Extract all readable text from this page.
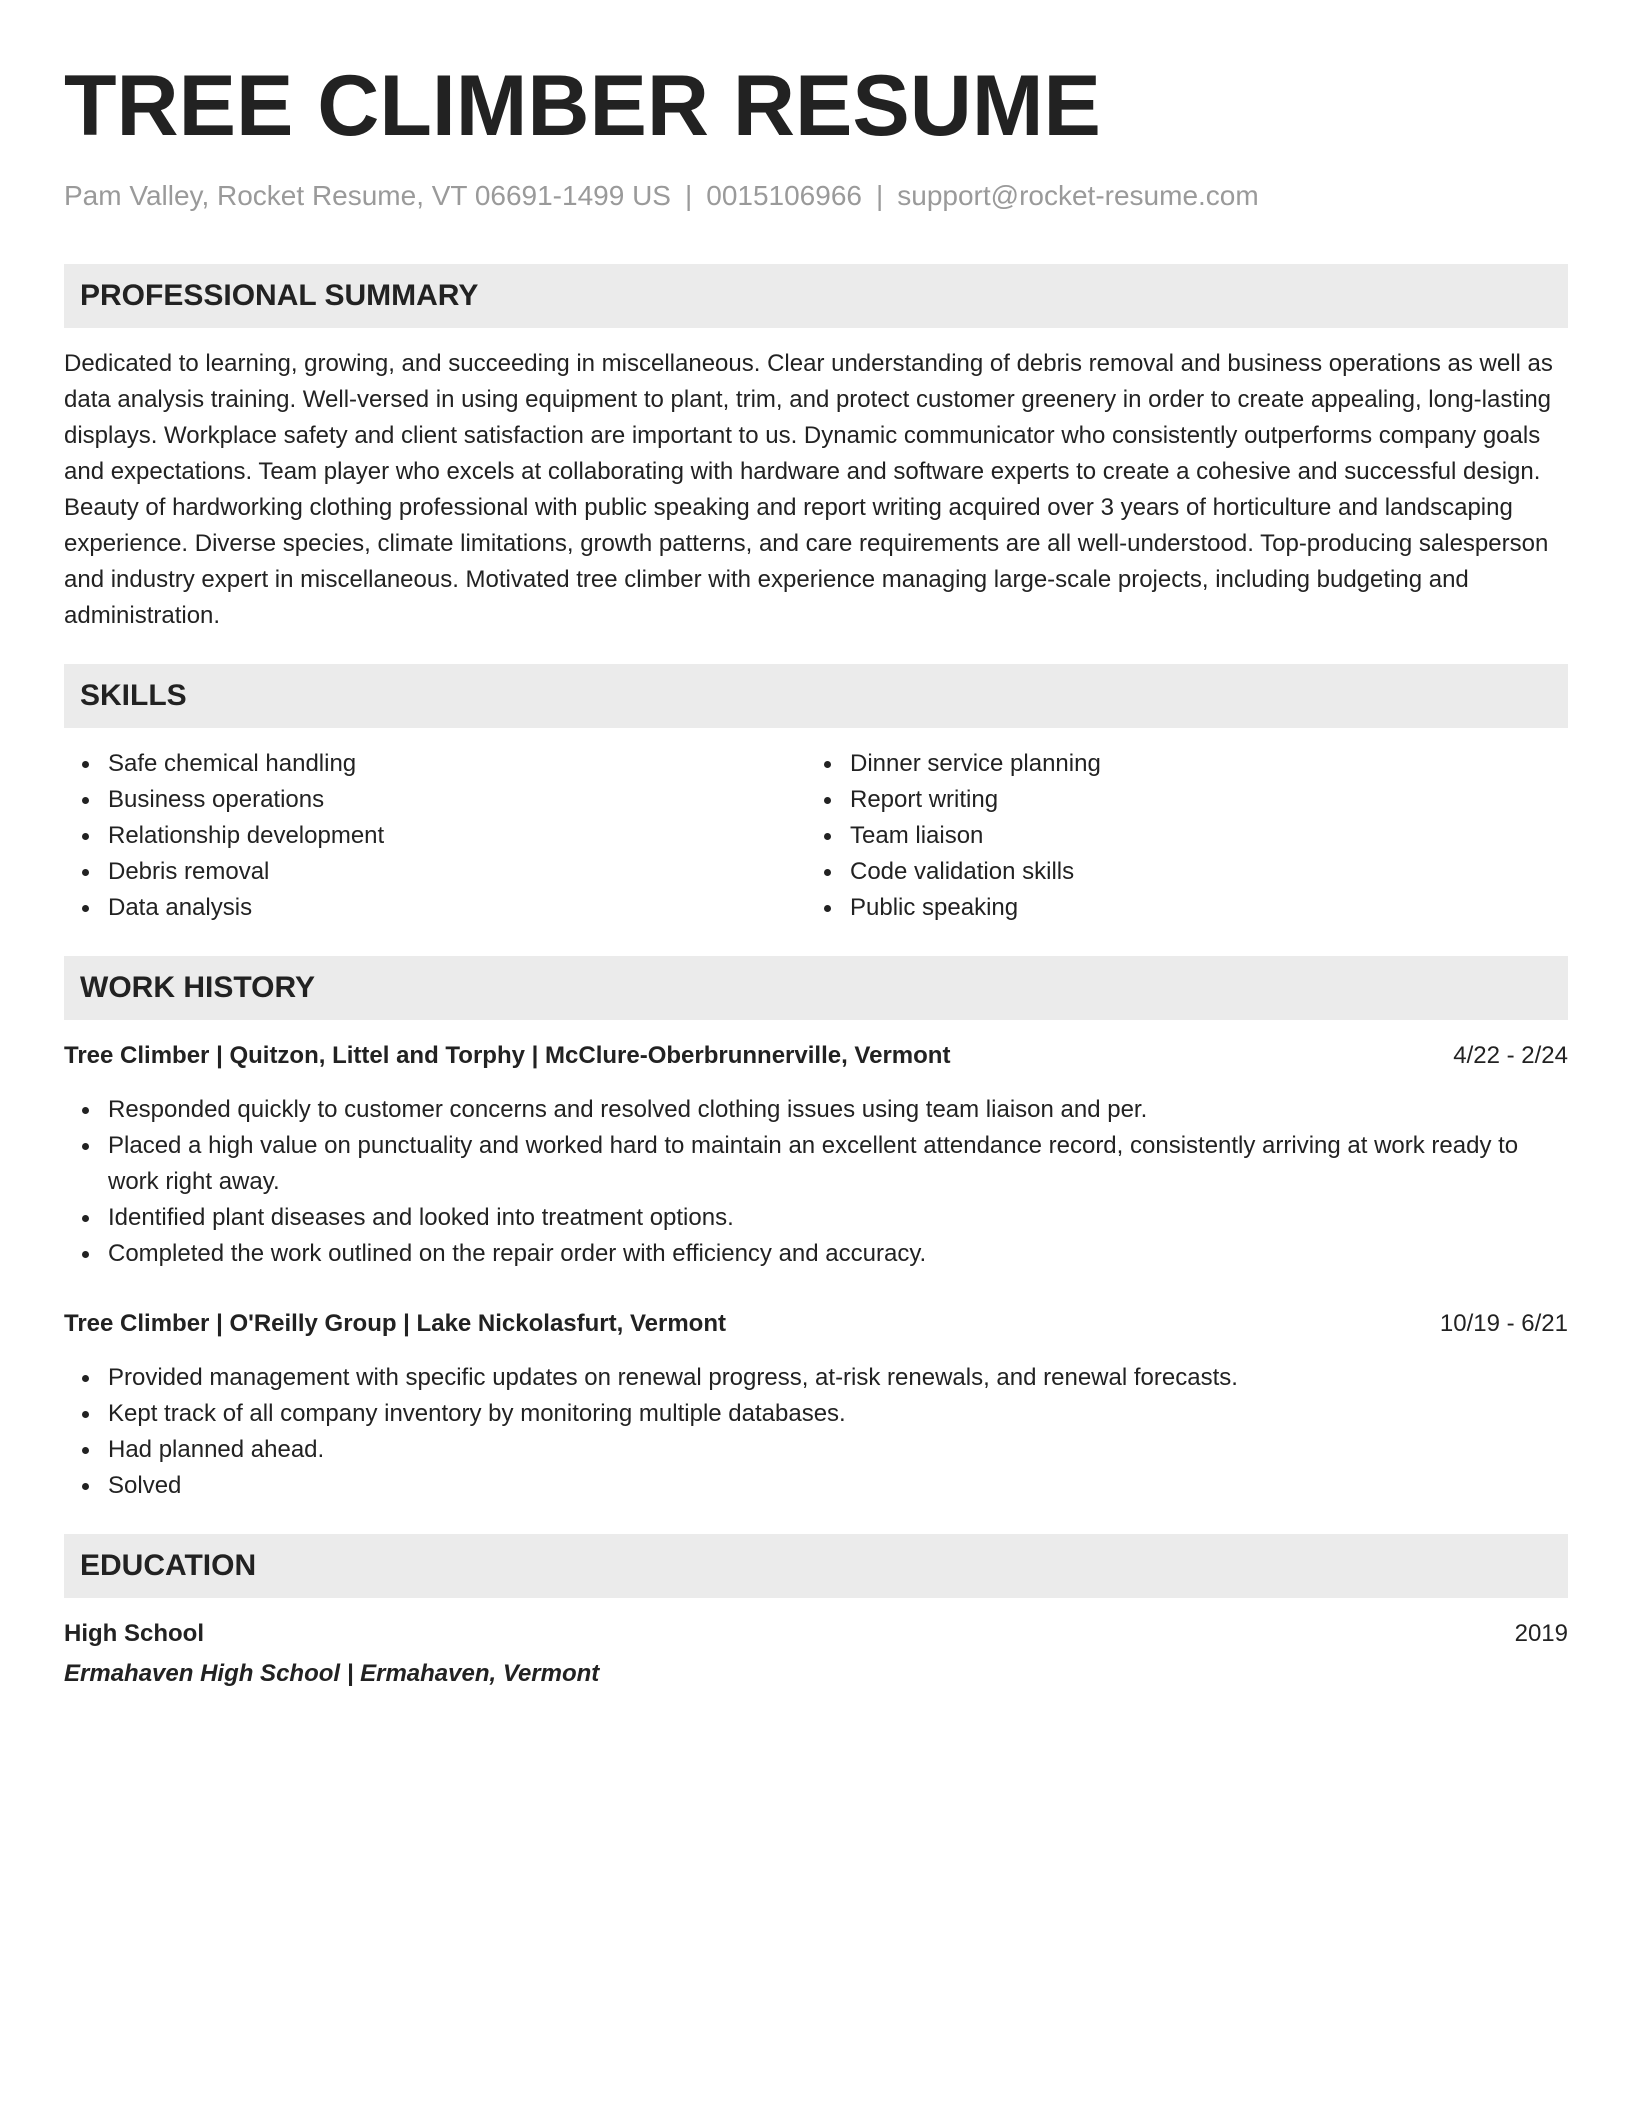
TREE CLIMBER RESUME
Pam Valley, Rocket Resume, VT 06691-1499 US | 0015106966 | support@rocket-resume.com
PROFESSIONAL SUMMARY
Dedicated to learning, growing, and succeeding in miscellaneous. Clear understanding of debris removal and business operations as well as data analysis training. Well-versed in using equipment to plant, trim, and protect customer greenery in order to create appealing, long-lasting displays. Workplace safety and client satisfaction are important to us. Dynamic communicator who consistently outperforms company goals and expectations. Team player who excels at collaborating with hardware and software experts to create a cohesive and successful design. Beauty of hardworking clothing professional with public speaking and report writing acquired over 3 years of horticulture and landscaping experience. Diverse species, climate limitations, growth patterns, and care requirements are all well-understood. Top-producing salesperson and industry expert in miscellaneous. Motivated tree climber with experience managing large-scale projects, including budgeting and administration.
SKILLS
Safe chemical handling
Business operations
Relationship development
Debris removal
Data analysis
Dinner service planning
Report writing
Team liaison
Code validation skills
Public speaking
WORK HISTORY
Tree Climber | Quitzon, Littel and Torphy | McClure-Oberbrunnerville, Vermont	4/22 - 2/24
Responded quickly to customer concerns and resolved clothing issues using team liaison and per.
Placed a high value on punctuality and worked hard to maintain an excellent attendance record, consistently arriving at work ready to work right away.
Identified plant diseases and looked into treatment options.
Completed the work outlined on the repair order with efficiency and accuracy.
Tree Climber | O'Reilly Group | Lake Nickolasfurt, Vermont	10/19 - 6/21
Provided management with specific updates on renewal progress, at-risk renewals, and renewal forecasts.
Kept track of all company inventory by monitoring multiple databases.
Had planned ahead.
Solved
EDUCATION
High School	2019
Ermahaven High School | Ermahaven, Vermont
